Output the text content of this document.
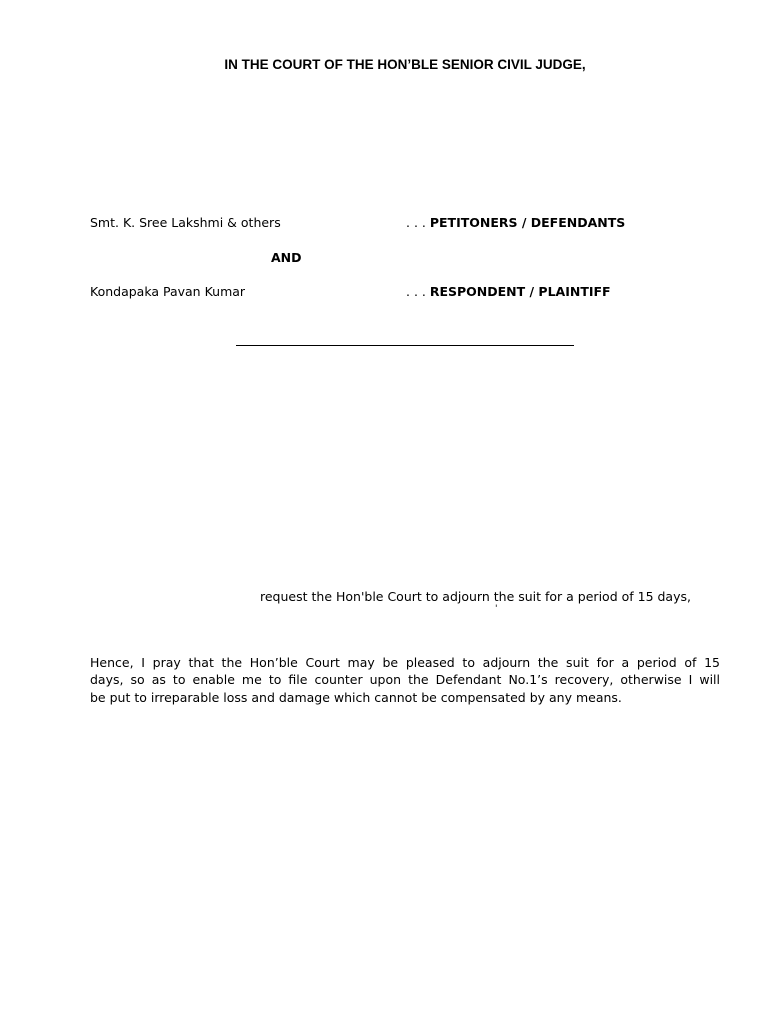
IN THE COURT OF THE HON’BLE SENIOR CIVIL JUDGE,
Smt. K. Sree Lakshmi & others	. . . PETITONERS / DEFENDANTS
AND
Kondapaka Pavan Kumar	. . . RESPONDENT / PLAINTIFF
request the Hon'ble Court to adjourn the suit for a period of 15 days,
'
Hence, I pray that the Hon’ble Court may be pleased to adjourn the suit for a period of 15
days, so as to enable me to file counter upon the Defendant No.1’s recovery, otherwise I will
be put to irreparable loss and damage which cannot be compensated by any means.
